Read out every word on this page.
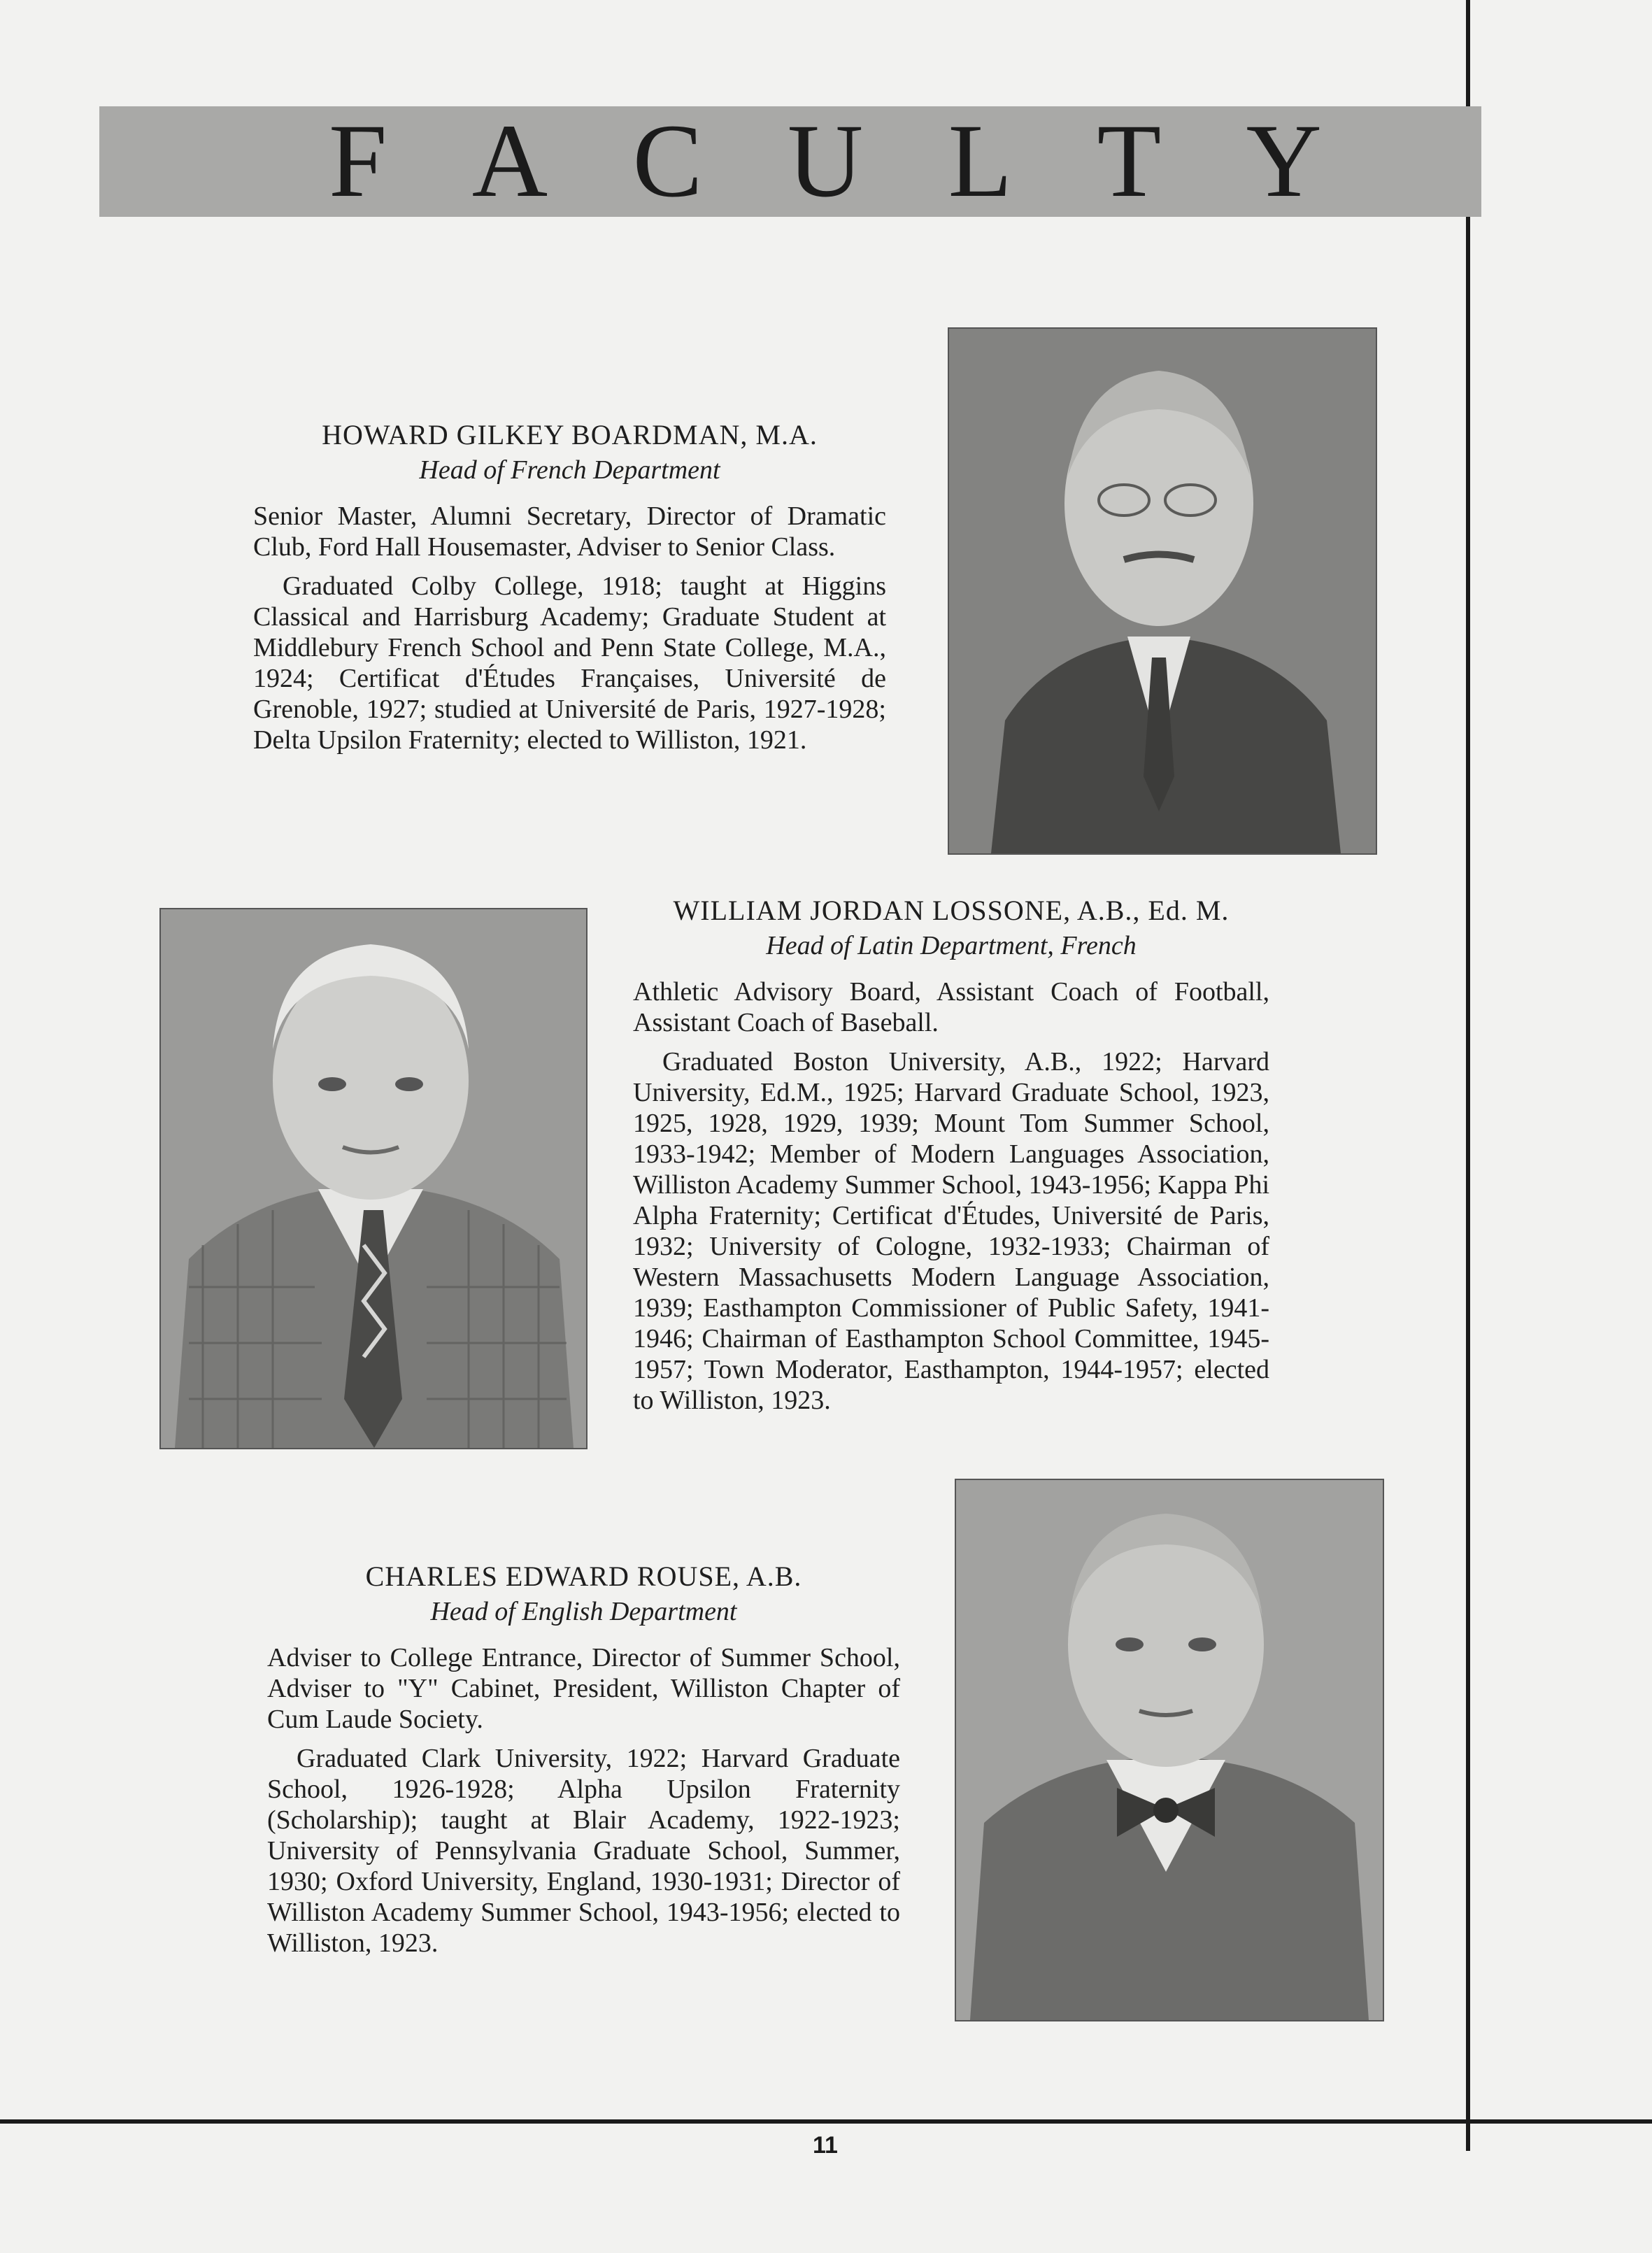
F A C U L T Y
HOWARD GILKEY BOARDMAN, M.A.
Head of French Department

Senior Master, Alumni Secretary, Director of Dramatic Club, Ford Hall Housemaster, Adviser to Senior Class.

Graduated Colby College, 1918; taught at Higgins Classical and Harrisburg Academy; Graduate Student at Middlebury French School and Penn State College, M.A., 1924; Certificat d'Études Françaises, Université de Grenoble, 1927; studied at Université de Paris, 1927-1928; Delta Upsilon Fraternity; elected to Williston, 1921.

WILLIAM JORDAN LOSSONE, A.B., Ed. M.
Head of Latin Department, French

Athletic Advisory Board, Assistant Coach of Football, Assistant Coach of Baseball.

Graduated Boston University, A.B., 1922; Harvard University, Ed.M., 1925; Harvard Graduate School, 1923, 1925, 1928, 1929, 1939; Mount Tom Summer School, 1933-1942; Member of Modern Languages Association, Williston Academy Summer School, 1943-1956; Kappa Phi Alpha Fraternity; Certificat d'Études, Université de Paris, 1932; University of Cologne, 1932-1933; Chairman of Western Massachusetts Modern Language Association, 1939; Easthampton Commissioner of Public Safety, 1941-1946; Chairman of Easthampton School Committee, 1945-1957; Town Moderator, Easthampton, 1944-1957; elected to Williston, 1923.

CHARLES EDWARD ROUSE, A.B.
Head of English Department

Adviser to College Entrance, Director of Summer School, Adviser to "Y" Cabinet, President, Williston Chapter of Cum Laude Society.

Graduated Clark University, 1922; Harvard Graduate School, 1926-1928; Alpha Upsilon Fraternity (Scholarship); taught at Blair Academy, 1922-1923; University of Pennsylvania Graduate School, Summer, 1930; Oxford University, England, 1930-1931; Director of Williston Academy Summer School, 1943-1956; elected to Williston, 1923.

11
